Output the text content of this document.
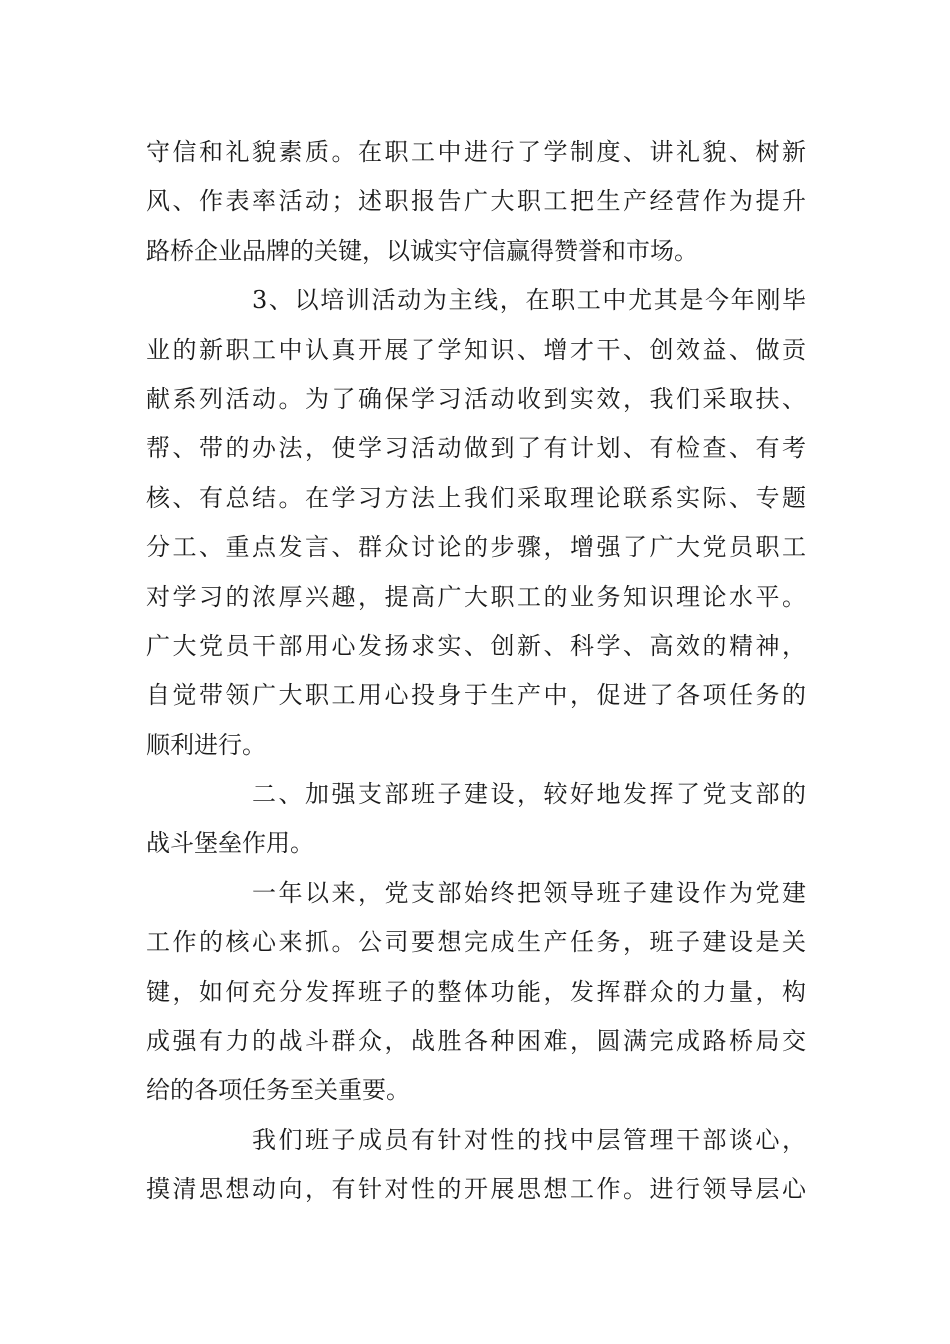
守信和礼貌素质。在职工中进行了学制度、讲礼貌、树新
风、作表率活动；述职报告广大职工把生产经营作为提升
路桥企业品牌的关键，以诚实守信赢得赞誉和市场。
3、以培训活动为主线，在职工中尤其是今年刚毕
业的新职工中认真开展了学知识、增才干、创效益、做贡
献系列活动。为了确保学习活动收到实效，我们采取扶、
帮、带的办法，使学习活动做到了有计划、有检查、有考
核、有总结。在学习方法上我们采取理论联系实际、专题
分工、重点发言、群众讨论的步骤，增强了广大党员职工
对学习的浓厚兴趣，提高广大职工的业务知识理论水平。
广大党员干部用心发扬求实、创新、科学、高效的精神，
自觉带领广大职工用心投身于生产中，促进了各项任务的
顺利进行。
二、加强支部班子建设，较好地发挥了党支部的
战斗堡垒作用。
一年以来，党支部始终把领导班子建设作为党建
工作的核心来抓。公司要想完成生产任务，班子建设是关
键，如何充分发挥班子的整体功能，发挥群众的力量，构
成强有力的战斗群众，战胜各种困难，圆满完成路桥局交
给的各项任务至关重要。
我们班子成员有针对性的找中层管理干部谈心，
摸清思想动向，有针对性的开展思想工作。进行领导层心
